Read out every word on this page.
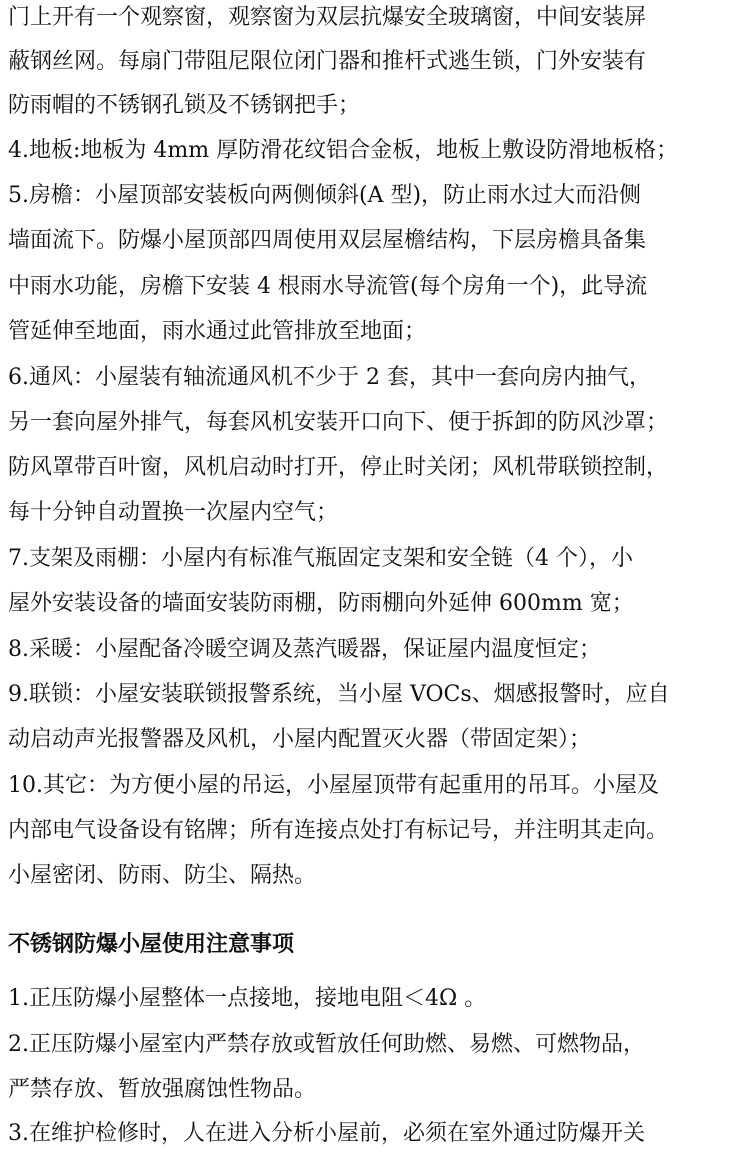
门上开有一个观察窗，观察窗为双层抗爆安全玻璃窗，中间安装屏
蔽钢丝网。每扇门带阻尼限位闭门器和推杆式逃生锁，门外安装有
防雨帽的不锈钢孔锁及不锈钢把手；
4.地板:地板为 4mm 厚防滑花纹铝合金板，地板上敷设防滑地板格；
5.房檐：小屋顶部安装板向两侧倾斜(A 型)，防止雨水过大而沿侧
墙面流下。防爆小屋顶部四周使用双层屋檐结构，下层房檐具备集
中雨水功能，房檐下安装 4 根雨水导流管(每个房角一个)，此导流
管延伸至地面，雨水通过此管排放至地面；
6.通风：小屋装有轴流通风机不少于 2 套，其中一套向房内抽气，
另一套向屋外排气，每套风机安装开口向下、便于拆卸的防风沙罩；
防风罩带百叶窗，风机启动时打开，停止时关闭；风机带联锁控制，
每十分钟自动置换一次屋内空气；
7.支架及雨棚：小屋内有标准气瓶固定支架和安全链（4 个），小
屋外安装设备的墙面安装防雨棚，防雨棚向外延伸 600mm 宽；
8.采暖：小屋配备冷暖空调及蒸汽暖器，保证屋内温度恒定；
9.联锁：小屋安装联锁报警系统，当小屋 VOCs、烟感报警时，应自
动启动声光报警器及风机，小屋内配置灭火器（带固定架）；
10.其它：为方便小屋的吊运，小屋屋顶带有起重用的吊耳。小屋及
内部电气设备设有铭牌；所有连接点处打有标记号，并注明其走向。
小屋密闭、防雨、防尘、隔热。
不锈钢防爆小屋使用注意事项
1.正压防爆小屋整体一点接地，接地电阻＜4Ω 。
2.正压防爆小屋室内严禁存放或暂放任何助燃、易燃、可燃物品，
严禁存放、暂放强腐蚀性物品。
3.在维护检修时，人在进入分析小屋前，必须在室外通过防爆开关
